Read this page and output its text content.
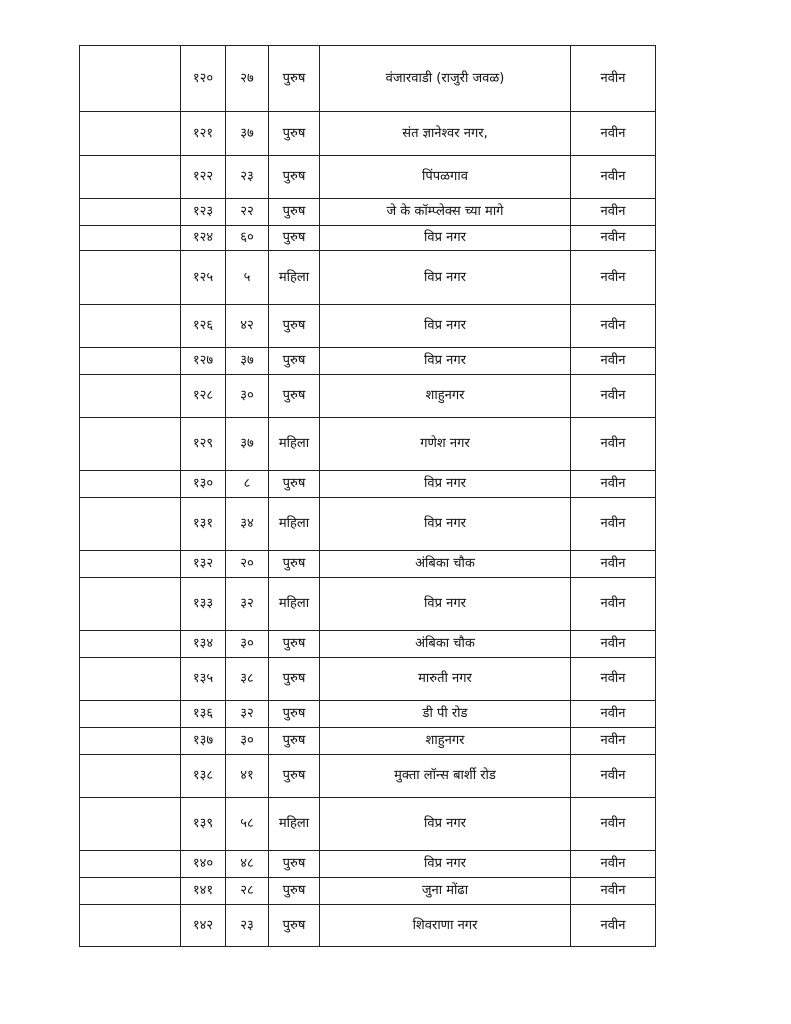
	१२०	२७	पुरुष	वंजारवाडी (राजुरी जवळ)	नवीन
	१२१	३७	पुरुष	संत ज्ञानेश्वर नगर,	नवीन
	१२२	२३	पुरुष	पिंपळगाव	नवीन
	१२३	२२	पुरुष	जे के कॉम्प्लेक्स च्या मागे	नवीन
	१२४	६०	पुरुष	विप्र नगर	नवीन
	१२५	५	महिला	विप्र नगर	नवीन
	१२६	४२	पुरुष	विप्र नगर	नवीन
	१२७	३७	पुरुष	विप्र नगर	नवीन
	१२८	३०	पुरुष	शाहुनगर	नवीन
	१२९	३७	महिला	गणेश नगर	नवीन
	१३०	८	पुरुष	विप्र नगर	नवीन
	१३१	३४	महिला	विप्र नगर	नवीन
	१३२	२०	पुरुष	अंबिका चौक	नवीन
	१३३	३२	महिला	विप्र नगर	नवीन
	१३४	३०	पुरुष	अंबिका चौक	नवीन
	१३५	३८	पुरुष	मारुती नगर	नवीन
	१३६	३२	पुरुष	डी पी रोड	नवीन
	१३७	३०	पुरुष	शाहुनगर	नवीन
	१३८	४१	पुरुष	मुक्ता लॉन्स बार्शी रोड	नवीन
	१३९	५८	महिला	विप्र नगर	नवीन
	१४०	४८	पुरुष	विप्र नगर	नवीन
	१४१	२८	पुरुष	जुना मोंढा	नवीन
	१४२	२३	पुरुष	शिवराणा नगर	नवीन
